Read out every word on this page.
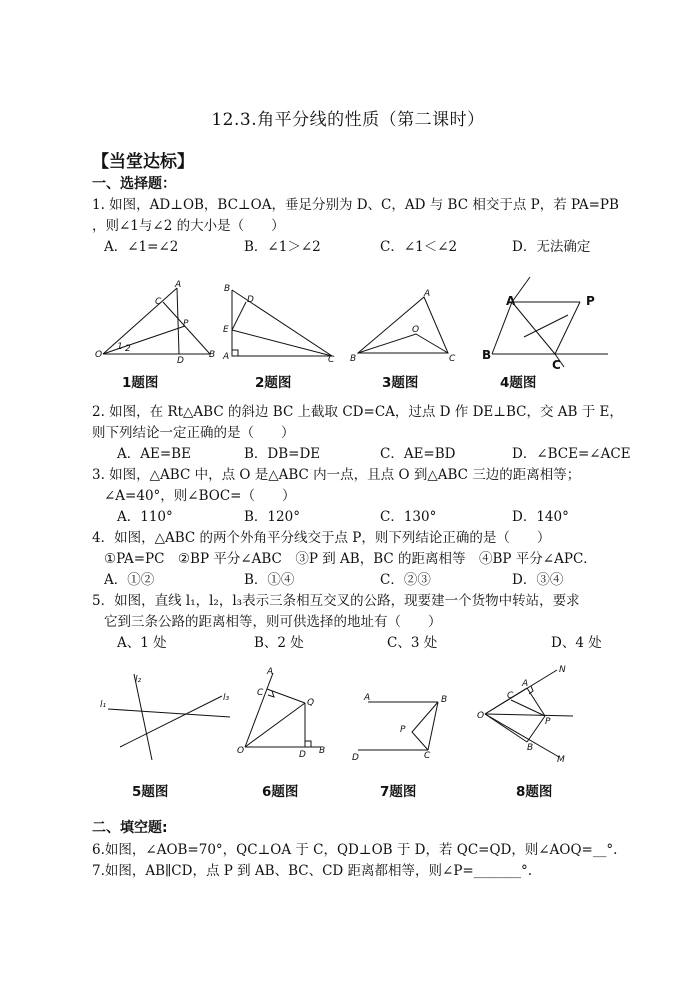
12.3.角平分线的性质（第二课时）
【当堂达标】
一、选择题：
1. 如图，AD⊥OB，BC⊥OA，垂足分别为 D、C，AD 与 BC 相交于点 P，若 PA=PB
，则∠1与∠2 的大小是（　　）
A．∠1=∠2	B．∠1＞∠2	C．∠1＜∠2	D．无法确定
O
C
A
P
D
B
1 2
B
D
E
A	C
A
O
B	C
A	P
B
C
1题图	2题图	3题图	4题图
2. 如图，在 Rt△ABC 的斜边 BC 上截取 CD=CA，过点 D 作 DE⊥BC，交 AB 于 E，
则下列结论一定正确的是（　　）
A．AE=BE	B．DB=DE	C．AE=BD	D．∠BCE=∠ACE
3. 如图，△ABC 中，点 O 是△ABC 内一点，且点 O 到△ABC 三边的距离相等；
∠A=40°，则∠BOC=（　　）
A．110°	B．120°	C．130°	D．140°
4．如图，△ABC 的两个外角平分线交于点 P，则下列结论正确的是（　　）
①PA=PC　②BP 平分∠ABC　③P 到 AB，BC 的距离相等　④BP 平分∠APC．
A．①②	B．①④	C．②③	D．③④
5．如图，直线 l₁，l₂，l₃表示三条相互交叉的公路，现要建一个货物中转站，要求
它到三条公路的距离相等，则可供选择的地址有（　　）
A、1 处	B、2 处	C、3 处	D、4 处
l₁
l₂
l₃
A
C
Q
O	D B
A	B
P
C
D
N
C
A
O
P
B
M
5题图	6题图	7题图	8题图
二、填空题:
6.如图，∠AOB=70°，QC⊥OA 于 C，QD⊥OB 于 D，若 QC=QD，则∠AOQ=__°.
7.如图，AB∥CD，点 P 到 AB、BC、CD 距离都相等，则∠P=_______°.
